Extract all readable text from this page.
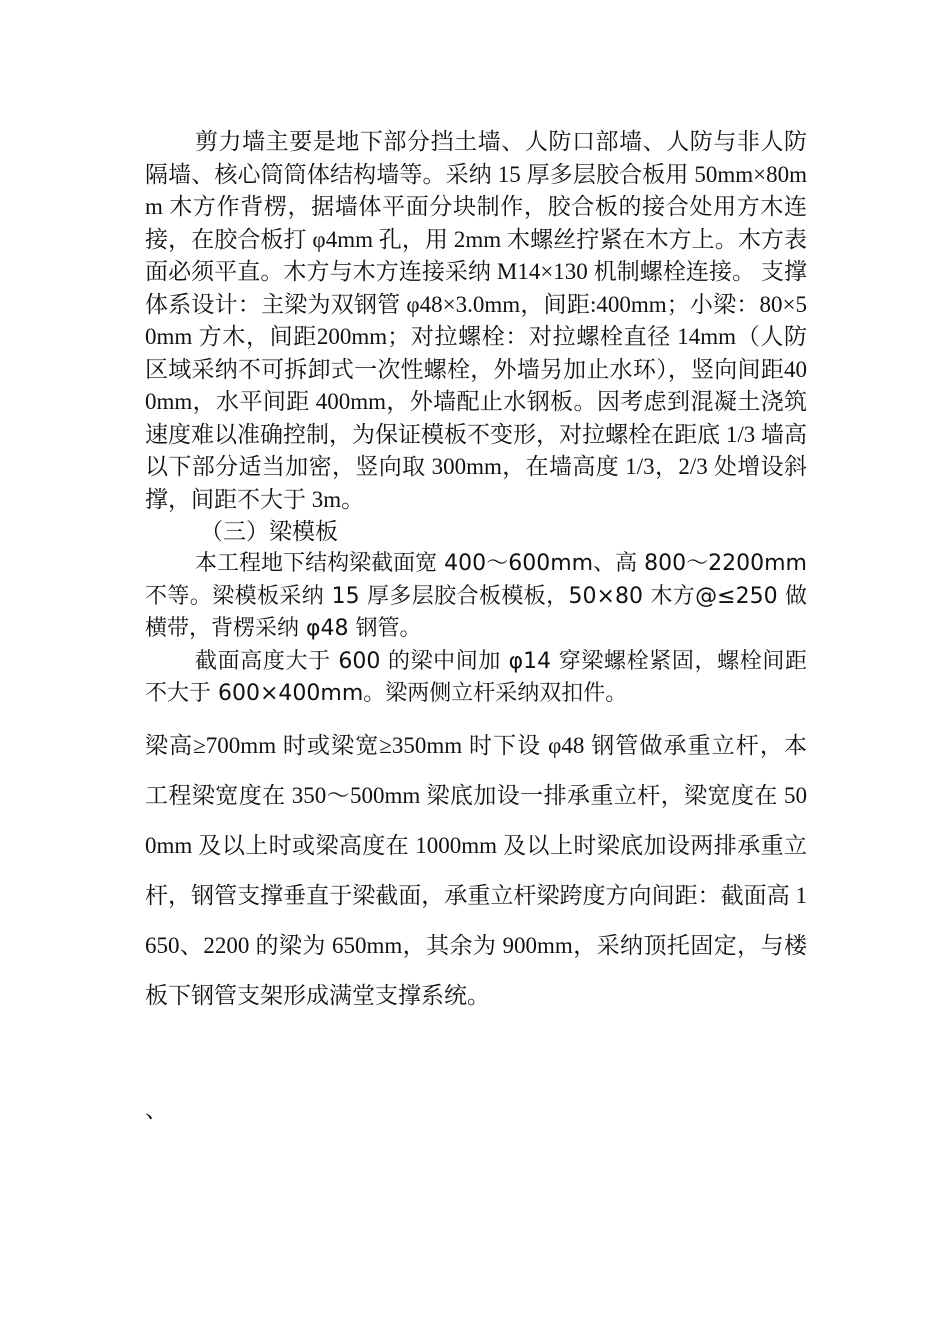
剪力墙主要是地下部分挡土墙、人防口部墙、人防与非人防隔墙、核心筒筒体结构墙等。采纳 15 厚多层胶合板用 50mm×80mm 木方作背楞，据墙体平面分块制作，胶合板的接合处用方木连接，在胶合板打 φ4mm 孔，用 2mm 木螺丝拧紧在木方上。木方表面必须平直。木方与木方连接采纳 M14×130 机制螺栓连接。 支撑体系设计：主梁为双钢管 φ48×3.0mm，间距:400mm；小梁：80×50mm 方木，间距200mm；对拉螺栓：对拉螺栓直径 14mm（人防区域采纳不可拆卸式一次性螺栓，外墙另加止水环），竖向间距400mm，水平间距 400mm，外墙配止水钢板。因考虑到混凝土浇筑速度难以准确控制，为保证模板不变形，对拉螺栓在距底 1/3 墙高以下部分适当加密，竖向取 300mm，在墙高度 1/3，2/3 处增设斜撑，间距不大于 3m。

（三）梁模板

本工程地下结构梁截面宽 400～600mm、高 800～2200mm 不等。梁模板采纳 15 厚多层胶合板模板，50×80 木方@≤250 做横带，背楞采纳 φ48 钢管。

截面高度大于 600 的梁中间加 φ14 穿梁螺栓紧固，螺栓间距不大于 600×400mm。梁两侧立杆采纳双扣件。

梁高≥700mm 时或梁宽≥350mm 时下设 φ48 钢管做承重立杆，本工程梁宽度在 350～500mm 梁底加设一排承重立杆，梁宽度在 500mm 及以上时或梁高度在 1000mm 及以上时梁底加设两排承重立杆，钢管支撑垂直于梁截面，承重立杆梁跨度方向间距：截面高 1650、2200 的梁为 650mm，其余为 900mm，采纳顶托固定，与楼板下钢管支架形成满堂支撑系统。

、
